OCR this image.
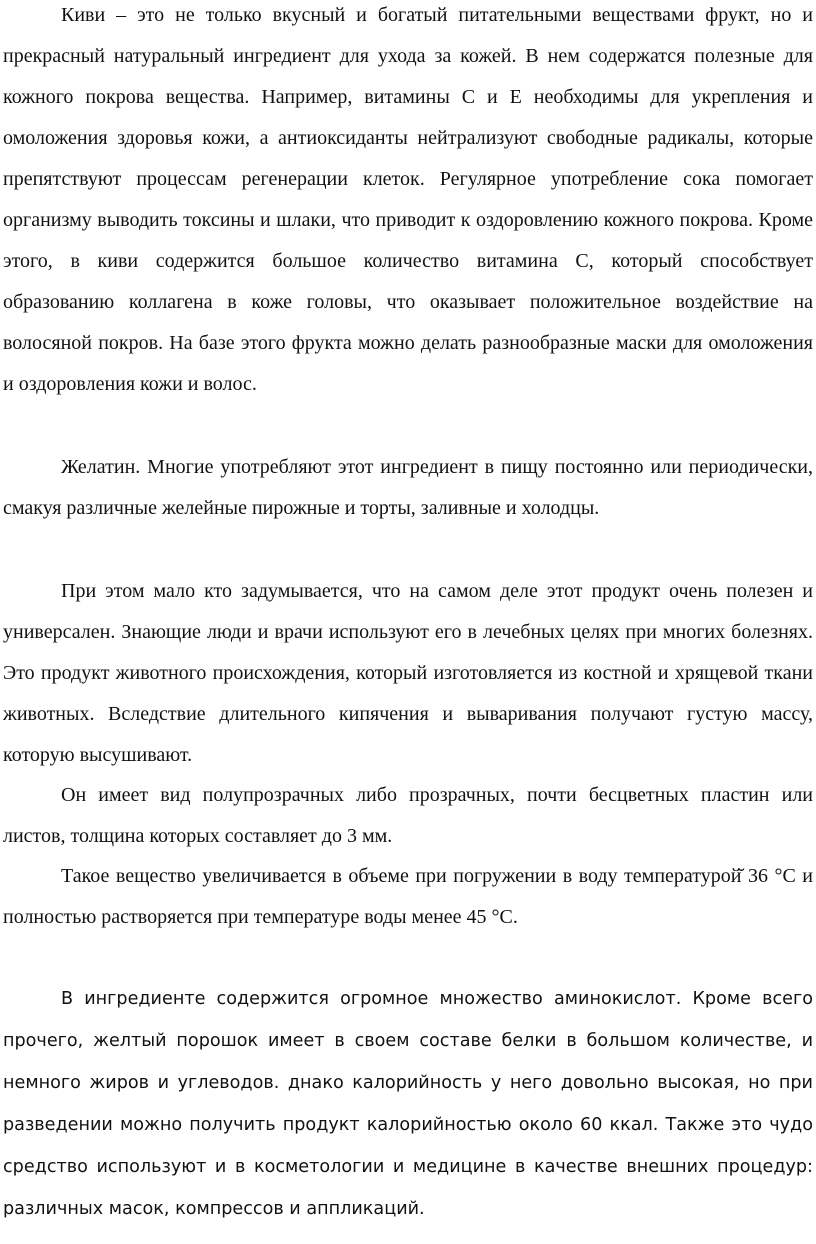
Киви – это не только вкусный и богатый питательными веществами фрукт, но и прекрасный натуральный ингредиент для ухода за кожей. В нем содержатся полезные для кожного покрова вещества. Например, витамины С и Е необходимы для укрепления и омоложения здоровья кожи, а антиоксиданты нейтрализуют свободные радикалы, которые препятствуют процессам регенерации клеток. Регулярное употребление сока помогает организму выводить токсины и шлаки, что приводит к оздоровлению кожного покрова. Кроме этого, в киви содержится большое количество витамина С, который способствует образованию коллагена в коже головы, что оказывает положительное воздействие на волосяной покров. На базе этого фрукта можно делать разнообразные маски для омоложения и оздоровления кожи и волос.

Желатин. Многие употребляют этот ингредиент в пищу постоянно или периодически, смакуя различные желейные пирожные и торты, заливные и холодцы.

При этом мало кто задумывается, что на самом деле этот продукт очень полезен и универсален. Знающие люди и врачи используют его в лечебных целях при многих болезнях. Это продукт животного происхождения, который изготовляется из костной и хрящевой ткани животных. Вследствие длительного кипячения и вываривания получают густую массу, которую высушивают.

Он имеет вид полупрозрачных либо прозрачных, почти бесцветных пластин или листов, толщина которых составляет до 3 мм.

Такое вещество увеличивается в объеме при погружении в воду температурой̆ 36 °С и полностью растворяется при температуре воды менее 45 °С.

В ингредиенте содержится огромное множество аминокислот. Кроме всего прочего, желтый порошок имеет в своем составе белки в большом количестве, и немного жиров и углеводов. днако калорийность у него довольно высокая, но при разведении можно получить продукт калорийностью около 60 ккал. Также это чудо средство используют и в косметологии и медицине в качестве внешних процедур: различных масок, компрессов и аппликаций.
